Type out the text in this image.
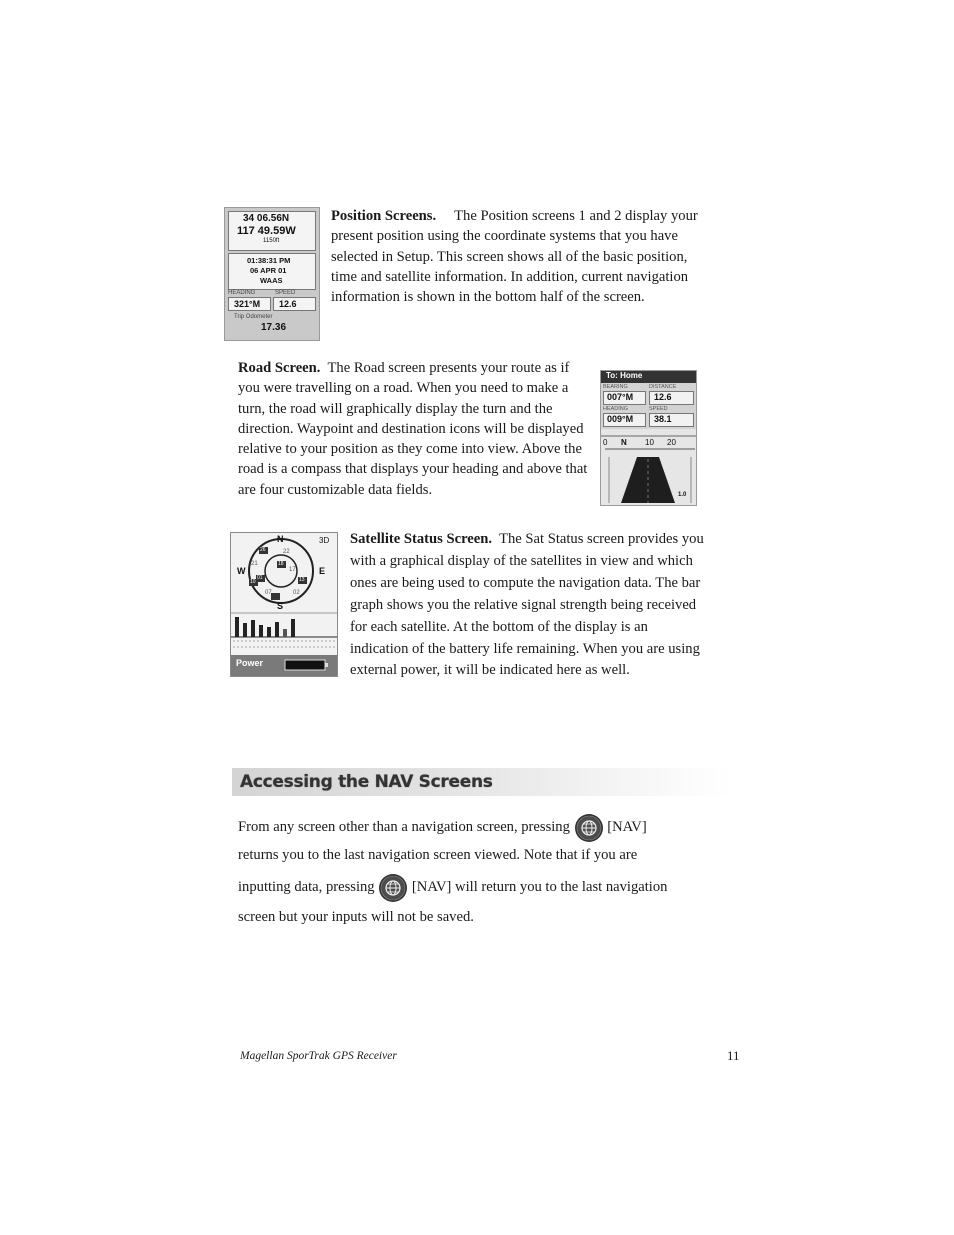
34 06.56N
117 49.59W
1150ft
01:38:31 PM
06 APR 01
WAAS
HEADING	SPEED
321°M 12.6
Trip Odometer
17.36

Position Screens. The Position screens 1 and 2 display your present position using the coordinate systems that you have selected in Setup. This screen shows all of the basic position, time and satellite information. In addition, current navigation information is shown in the bottom half of the screen.

Road Screen. The Road screen presents your route as if you were travelling on a road. When you need to make a turn, the road will graphically display the turn and the direction. Waypoint and destination icons will be displayed relative to your position as they come into view. Above the road is a compass that displays your heading and above that are four customizable data fields.

To: Home
BEARING	DISTANCE
007°M 12.6
HEADING	SPEED
009°M 38.1
0 N 10 20
1.0
N
S
E
W
3D
26	22
21	18
17
13
10
07	02
01
Power

Satellite Status Screen. The Sat Status screen provides you with a graphical display of the satellites in view and which ones are being used to compute the navigation data. The bar graph shows you the relative signal strength being received for each satellite. At the bottom of the display is an indication of the battery life remaining. When you are using external power, it will be indicated here as well.

Accessing the NAV Screens
From any screen other than a navigation screen, pressing	[NAV]
returns you to the last navigation screen viewed. Note that if you are
inputting data, pressing	[NAV] will return you to the last navigation
screen but your inputs will not be saved.
Magellan SporTrak GPS Receiver	11
